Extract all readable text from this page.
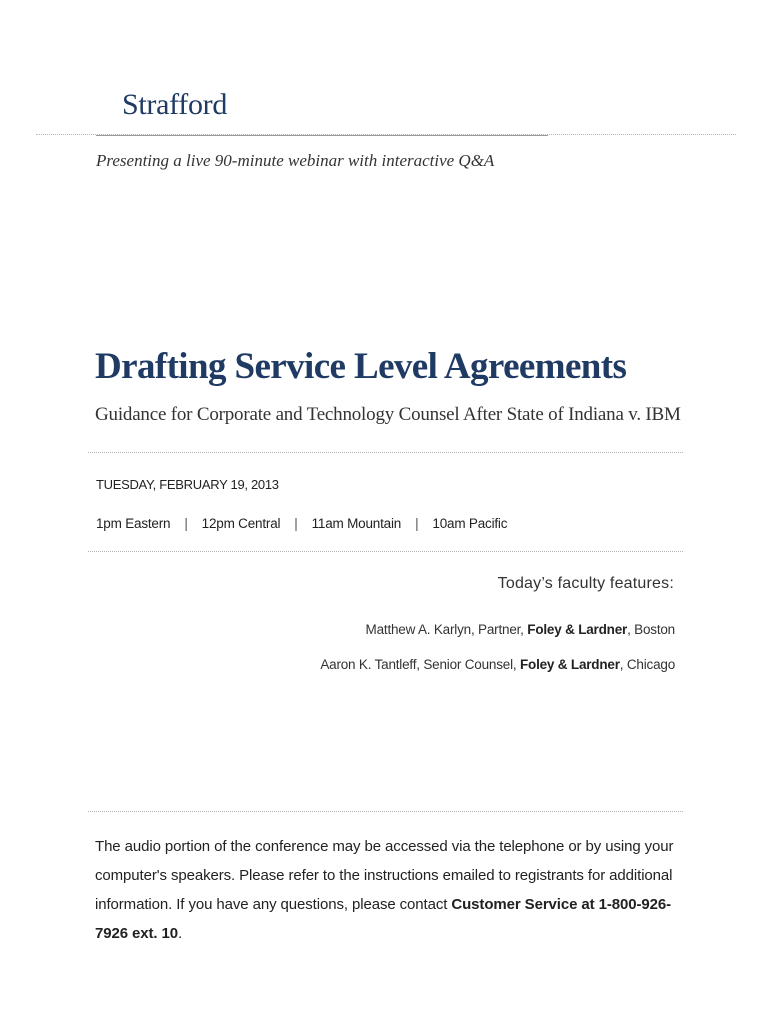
Strafford
Presenting a live 90-minute webinar with interactive Q&A
Drafting Service Level Agreements
Guidance for Corporate and Technology Counsel After State of Indiana v. IBM
TUESDAY, FEBRUARY 19, 2013
1pm Eastern | 12pm Central | 11am Mountain | 10am Pacific
Today’s faculty features:
Matthew A. Karlyn, Partner, Foley & Lardner, Boston
Aaron K. Tantleff, Senior Counsel, Foley & Lardner, Chicago
The audio portion of the conference may be accessed via the telephone or by using your computer's speakers. Please refer to the instructions emailed to registrants for additional information. If you have any questions, please contact Customer Service at 1-800-926-7926 ext. 10.
